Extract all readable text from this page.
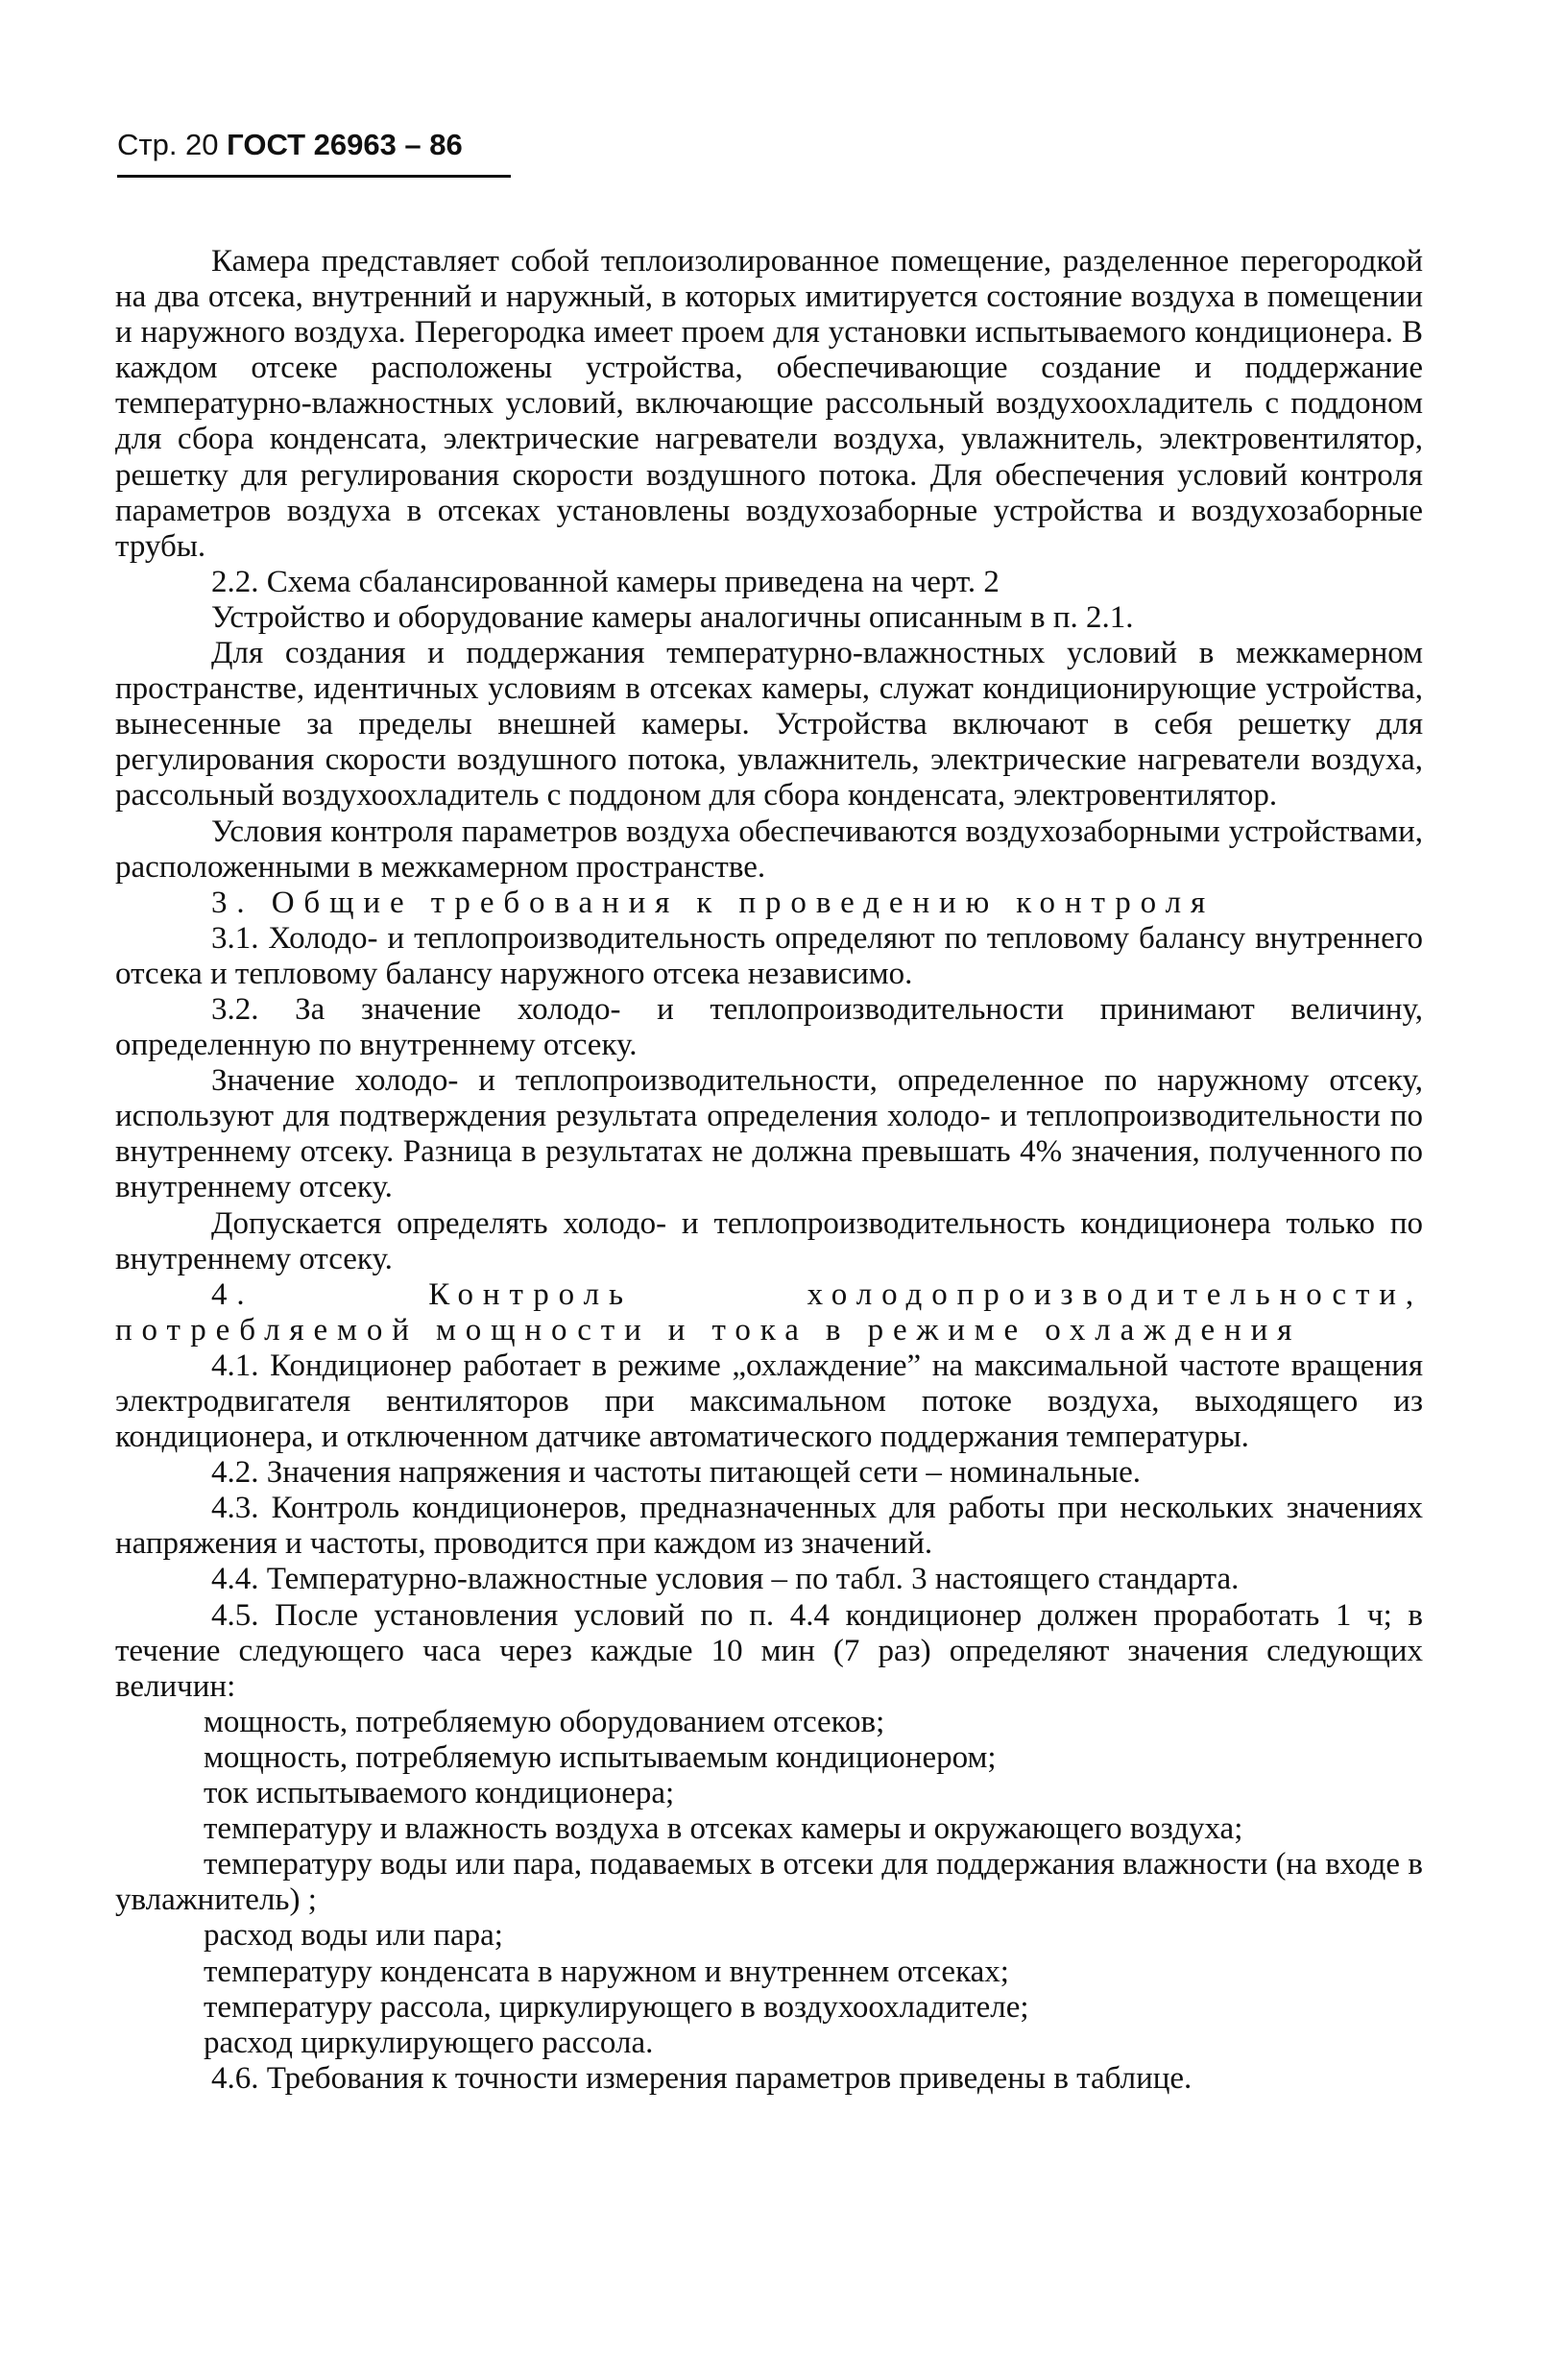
Стр. 20 ГОСТ 26963 – 86

Камера представляет собой теплоизолированное помещение, разделенное перегородкой на два отсека, внутренний и наружный, в которых имитируется состояние воздуха в помещении и наружного воздуха. Перегородка имеет проем для установки испытываемого кондиционера. В каждом отсеке расположены устройства, обеспечивающие создание и поддержание температурно-влажностных условий, включающие рассольный воздухоохладитель с поддоном для сбора конденсата, электрические нагреватели воздуха, увлажнитель, электровентилятор, решетку для регулирования скорости воздушного потока. Для обеспечения условий контроля параметров воздуха в отсеках установлены воздухозаборные устройства и воздухозаборные трубы.

2.2. Схема сбалансированной камеры приведена на черт. 2

Устройство и оборудование камеры аналогичны описанным в п. 2.1.

Для создания и поддержания температурно-влажностных условий в межкамерном пространстве, идентичных условиям в отсеках камеры, служат кондиционирующие устройства, вынесенные за пределы внешней камеры. Устройства включают в себя решетку для регулирования скорости воздушного потока, увлажнитель, электрические нагреватели воздуха, рассольный воздухоохладитель с поддоном для сбора конденсата, электровентилятор.

Условия контроля параметров воздуха обеспечиваются воздухозаборными устройствами, расположенными в межкамерном пространстве.

3. Общие требования к проведению контроля

3.1. Холодо- и теплопроизводительность определяют по тепловому балансу внутреннего отсека и тепловому балансу наружного отсека независимо.

3.2. За значение холодо- и теплопроизводительности принимают величину, определенную по внутреннему отсеку.

Значение холодо- и теплопроизводительности, определенное по наружному отсеку, используют для подтверждения результата определения холодо- и теплопроизводительности по внутреннему отсеку. Разница в результатах не должна превышать 4% значения, полученного по внутреннему отсеку.

Допускается определять холодо- и теплопроизводительность кондиционера только по внутреннему отсеку.

4. Контроль холодопроизводительности, потребляемой мощности и тока в режиме охлаждения

4.1. Кондиционер работает в режиме „охлаждение” на максимальной частоте вращения электродвигателя вентиляторов при максимальном потоке воздуха, выходящего из кондиционера, и отключенном датчике автоматического поддержания температуры.

4.2. Значения напряжения и частоты питающей сети – номинальные.

4.3. Контроль кондиционеров, предназначенных для работы при нескольких значениях напряжения и частоты, проводится при каждом из значений.

4.4. Температурно-влажностные условия – по табл. 3 настоящего стандарта.

4.5. После установления условий по п. 4.4 кондиционер должен проработать 1 ч; в течение следующего часа через каждые 10 мин (7 раз) определяют значения следующих величин:

мощность, потребляемую оборудованием отсеков;

мощность, потребляемую испытываемым кондиционером;

ток испытываемого кондиционера;

температуру и влажность воздуха в отсеках камеры и окружающего воздуха;

температуру воды или пара, подаваемых в отсеки для поддержания влажности (на входе в увлажнитель) ;

расход воды или пара;

температуру конденсата в наружном и внутреннем отсеках;

температуру рассола, циркулирующего в воздухоохладителе;

расход циркулирующего рассола.

4.6. Требования к точности измерения параметров приведены в таблице.
